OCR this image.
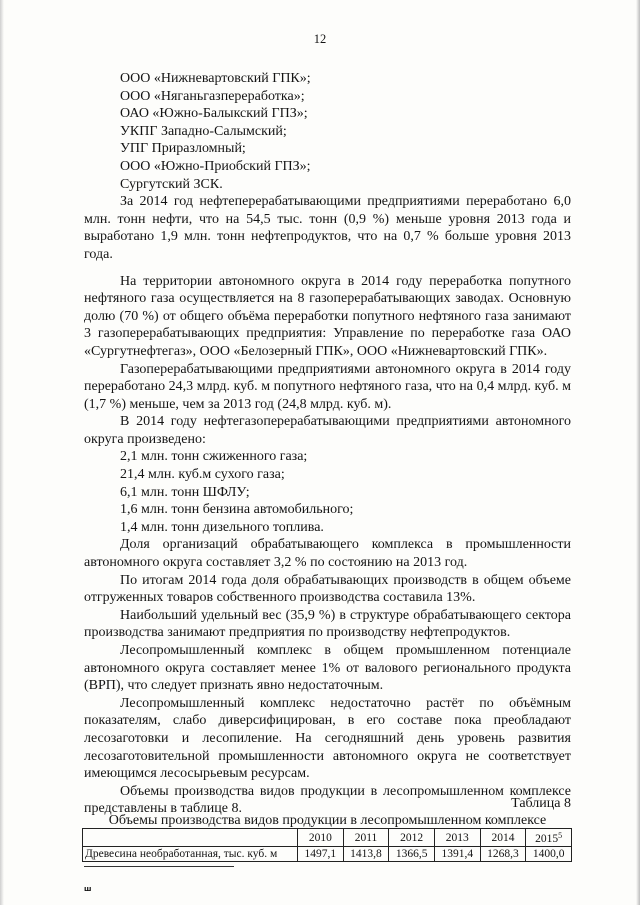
12
ООО «Нижневартовский ГПК»;
ООО «Няганьгазпереработка»;
ОАО «Южно-Балыкский ГПЗ»;
УКПГ Западно-Салымский;
УПГ Приразломный;
ООО «Южно-Приобский ГПЗ»;
Сургутский ЗСК.

За 2014 год нефтеперерабатывающими предприятиями переработано 6,0 млн. тонн нефти, что на 54,5 тыс. тонн (0,9 %) меньше уровня 2013 года и выработано 1,9 млн. тонн нефтепродуктов, что на 0,7 % больше уровня 2013 года.

На территории автономного округа в 2014 году переработка попутного нефтяного газа осуществляется на 8 газоперерабатывающих заводах. Основную долю (70 %) от общего объёма переработки попутного нефтяного газа занимают 3 газоперерабатывающих предприятия: Управление по переработке газа ОАО «Сургутнефтегаз», ООО «Белозерный ГПК», ООО «Нижневартовский ГПК».

Газоперерабатывающими предприятиями автономного округа в 2014 году переработано 24,3 млрд. куб. м попутного нефтяного газа, что на 0,4 млрд. куб. м (1,7 %) меньше, чем за 2013 год (24,8 млрд. куб. м).

В 2014 году нефтегазоперерабатывающими предприятиями автономного округа произведено:

2,1 млн. тонн сжиженного газа;
21,4 млн. куб.м сухого газа;
6,1 млн. тонн ШФЛУ;
1,6 млн. тонн бензина автомобильного;
1,4 млн. тонн дизельного топлива.

Доля организаций обрабатывающего комплекса в промышленности автономного округа составляет 3,2 % по состоянию на 2013 год.

По итогам 2014 года доля обрабатывающих производств в общем объеме отгруженных товаров собственного производства составила 13%.

Наибольший удельный вес (35,9 %) в структуре обрабатывающего сектора производства занимают предприятия по производству нефтепродуктов.

Лесопромышленный комплекс в общем промышленном потенциале автономного округа составляет менее 1% от валового регионального продукта (ВРП), что следует признать явно недостаточным.

Лесопромышленный комплекс недостаточно растёт по объёмным показателям, слабо диверсифицирован, в его составе пока преобладают лесозаготовки и лесопиление. На сегодняшний день уровень развития лесозаготовительной промышленности автономного округа не соответствует имеющимся лесосырьевым ресурсам.

Объемы производства видов продукции в лесопромышленном комплексе представлены в таблице 8.	Таблица 8
Объемы производства видов продукции в лесопромышленном комплексе
	2010	2011	2012	2013	2014	2015$^5$
Древесина необработанная, тыс. куб. м	1497,1	1413,8	1366,5	1391,4	1268,3	1400,0
ш
